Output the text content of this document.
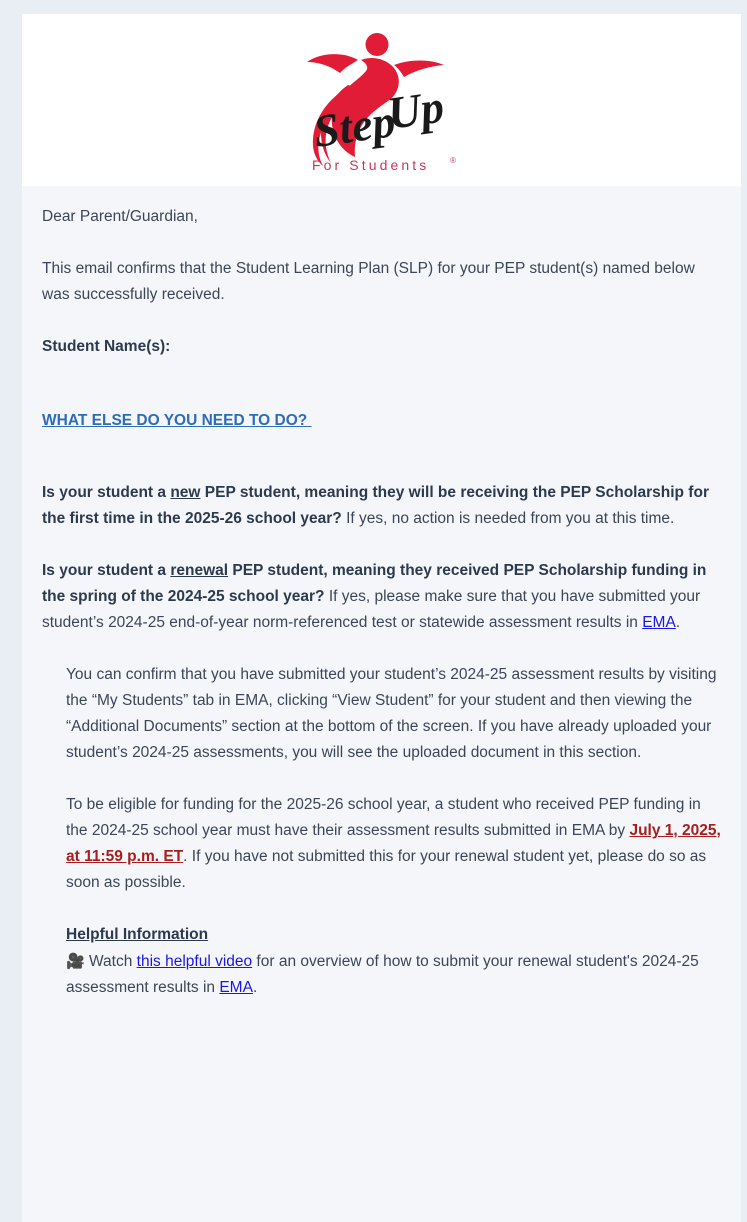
Step
Up
For Students	®

Dear Parent/Guardian,

This email confirms that the Student Learning Plan (SLP) for your PEP student(s) named below was successfully received.

Student Name(s):

WHAT ELSE DO YOU NEED TO DO?

Is your student a new PEP student, meaning they will be receiving the PEP Scholarship for the first time in the 2025-26 school year? If yes, no action is needed from you at this time.

Is your student a renewal PEP student, meaning they received PEP Scholarship funding in the spring of the 2024-25 school year? If yes, please make sure that you have submitted your student’s 2024-25 end-of-year norm-referenced test or statewide assessment results in EMA.

You can confirm that you have submitted your student’s 2024-25 assessment results by visiting the “My Students” tab in EMA, clicking “View Student” for your student and then viewing the “Additional Documents” section at the bottom of the screen. If you have already uploaded your student’s 2024-25 assessments, you will see the uploaded document in this section.

To be eligible for funding for the 2025-26 school year, a student who received PEP funding in the 2024-25 school year must have their assessment results submitted in EMA by July 1, 2025, at 11:59 p.m. ET. If you have not submitted this for your renewal student yet, please do so as soon as possible.

Helpful Information

🎥 Watch this helpful video for an overview of how to submit your renewal student's 2024-25 assessment results in EMA.
